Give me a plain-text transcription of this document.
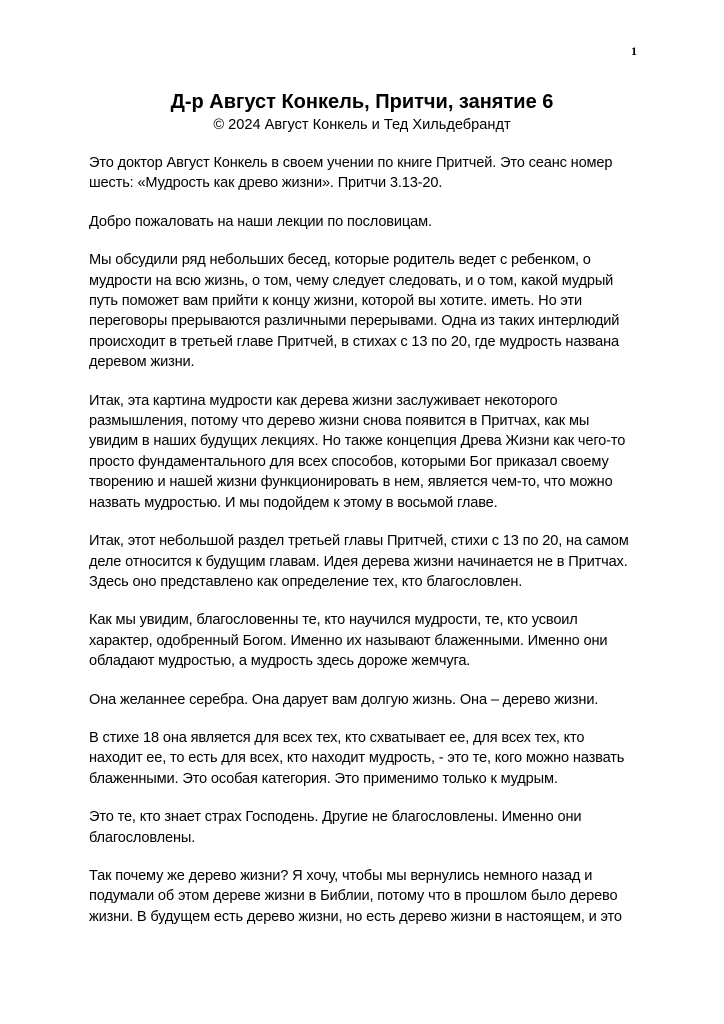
1

Д-р Август Конкель, Притчи, занятие 6

© 2024 Август Конкель и Тед Хильдебрандт

Это доктор Август Конкель в своем учении по книге Притчей. Это сеанс номер шесть: «Мудрость как древо жизни». Притчи 3.13-20.

Добро пожаловать на наши лекции по пословицам.

Мы обсудили ряд небольших бесед, которые родитель ведет с ребенком, о мудрости на всю жизнь, о том, чему следует следовать, и о том, какой мудрый путь поможет вам прийти к концу жизни, которой вы хотите. иметь. Но эти переговоры прерываются различными перерывами. Одна из таких интерлюдий происходит в третьей главе Притчей, в стихах с 13 по 20, где мудрость названа деревом жизни.

Итак, эта картина мудрости как дерева жизни заслуживает некоторого размышления, потому что дерево жизни снова появится в Притчах, как мы увидим в наших будущих лекциях. Но также концепция Древа Жизни как чего-то просто фундаментального для всех способов, которыми Бог приказал своему творению и нашей жизни функционировать в нем, является чем-то, что можно назвать мудростью. И мы подойдем к этому в восьмой главе.

Итак, этот небольшой раздел третьей главы Притчей, стихи с 13 по 20, на самом деле относится к будущим главам. Идея дерева жизни начинается не в Притчах. Здесь оно представлено как определение тех, кто благословлен.

Как мы увидим, благословенны те, кто научился мудрости, те, кто усвоил характер, одобренный Богом. Именно их называют блаженными. Именно они обладают мудростью, а мудрость здесь дороже жемчуга.

Она желаннее серебра. Она дарует вам долгую жизнь. Она – дерево жизни.

В стихе 18 она является для всех тех, кто схватывает ее, для всех тех, кто находит ее, то есть для всех, кто находит мудрость, - это те, кого можно назвать блаженными. Это особая категория. Это применимо только к мудрым.

Это те, кто знает страх Господень. Другие не благословлены. Именно они благословлены.

Так почему же дерево жизни? Я хочу, чтобы мы вернулись немного назад и подумали об этом дереве жизни в Библии, потому что в прошлом было дерево жизни. В будущем есть дерево жизни, но есть дерево жизни в настоящем, и это
